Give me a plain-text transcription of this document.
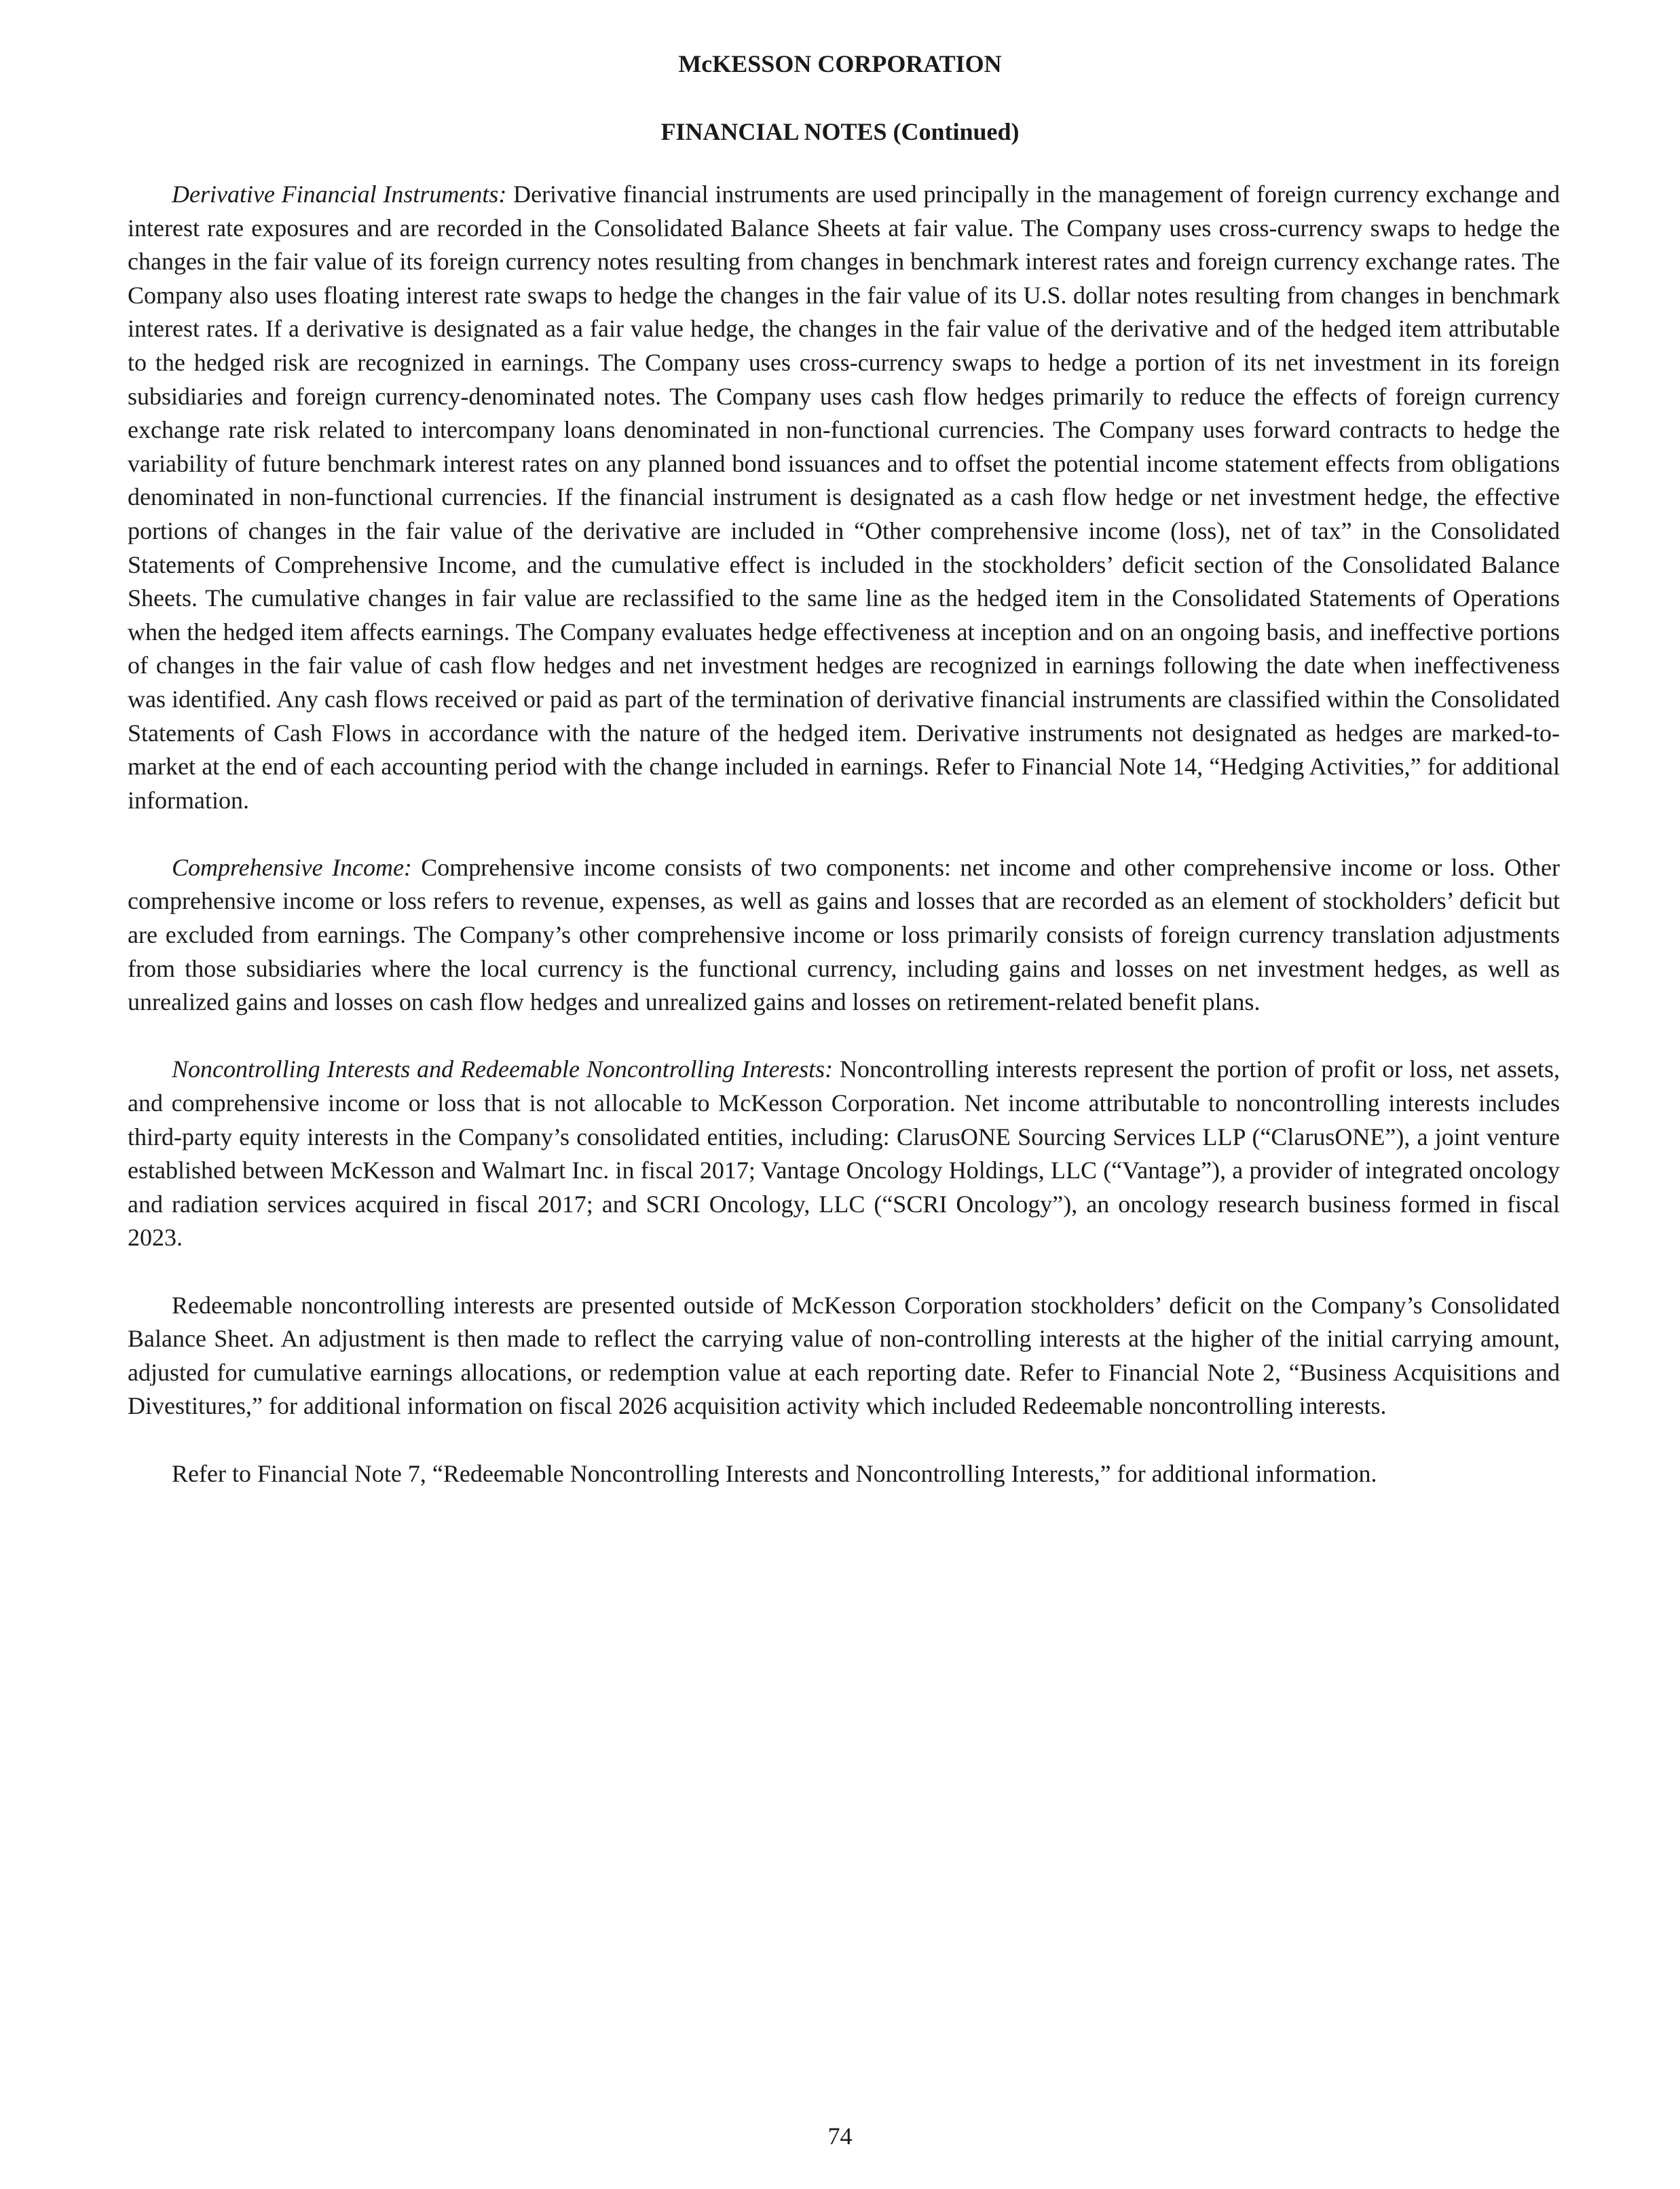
McKESSON CORPORATION
FINANCIAL NOTES (Continued)

Derivative Financial Instruments: Derivative financial instruments are used principally in the management of foreign currency exchange and interest rate exposures and are recorded in the Consolidated Balance Sheets at fair value. The Company uses cross-currency swaps to hedge the changes in the fair value of its foreign currency notes resulting from changes in benchmark interest rates and foreign currency exchange rates. The Company also uses floating interest rate swaps to hedge the changes in the fair value of its U.S. dollar notes resulting from changes in benchmark interest rates. If a derivative is designated as a fair value hedge, the changes in the fair value of the derivative and of the hedged item attributable to the hedged risk are recognized in earnings. The Company uses cross-currency swaps to hedge a portion of its net investment in its foreign subsidiaries and foreign currency-denominated notes. The Company uses cash flow hedges primarily to reduce the effects of foreign currency exchange rate risk related to intercompany loans denominated in non-functional currencies. The Company uses forward contracts to hedge the variability of future benchmark interest rates on any planned bond issuances and to offset the potential income statement effects from obligations denominated in non-functional currencies. If the financial instrument is designated as a cash flow hedge or net investment hedge, the effective portions of changes in the fair value of the derivative are included in “Other comprehensive income (loss), net of tax” in the Consolidated Statements of Comprehensive Income, and the cumulative effect is included in the stockholders’ deficit section of the Consolidated Balance Sheets. The cumulative changes in fair value are reclassified to the same line as the hedged item in the Consolidated Statements of Operations when the hedged item affects earnings. The Company evaluates hedge effectiveness at inception and on an ongoing basis, and ineffective portions of changes in the fair value of cash flow hedges and net investment hedges are recognized in earnings following the date when ineffectiveness was identified. Any cash flows received or paid as part of the termination of derivative financial instruments are classified within the Consolidated Statements of Cash Flows in accordance with the nature of the hedged item. Derivative instruments not designated as hedges are marked-to-market at the end of each accounting period with the change included in earnings. Refer to Financial Note 14, “Hedging Activities,” for additional information.

Comprehensive Income: Comprehensive income consists of two components: net income and other comprehensive income or loss. Other comprehensive income or loss refers to revenue, expenses, as well as gains and losses that are recorded as an element of stockholders’ deficit but are excluded from earnings. The Company’s other comprehensive income or loss primarily consists of foreign currency translation adjustments from those subsidiaries where the local currency is the functional currency, including gains and losses on net investment hedges, as well as unrealized gains and losses on cash flow hedges and unrealized gains and losses on retirement-related benefit plans.

Noncontrolling Interests and Redeemable Noncontrolling Interests: Noncontrolling interests represent the portion of profit or loss, net assets, and comprehensive income or loss that is not allocable to McKesson Corporation. Net income attributable to noncontrolling interests includes third-party equity interests in the Company’s consolidated entities, including: ClarusONE Sourcing Services LLP (“ClarusONE”), a joint venture established between McKesson and Walmart Inc. in fiscal 2017; Vantage Oncology Holdings, LLC (“Vantage”), a provider of integrated oncology and radiation services acquired in fiscal 2017; and SCRI Oncology, LLC (“SCRI Oncology”), an oncology research business formed in fiscal 2023.

Redeemable noncontrolling interests are presented outside of McKesson Corporation stockholders’ deficit on the Company’s Consolidated Balance Sheet. An adjustment is then made to reflect the carrying value of non-controlling interests at the higher of the initial carrying amount, adjusted for cumulative earnings allocations, or redemption value at each reporting date. Refer to Financial Note 2, “Business Acquisitions and Divestitures,” for additional information on fiscal 2026 acquisition activity which included Redeemable noncontrolling interests.

Refer to Financial Note 7, “Redeemable Noncontrolling Interests and Noncontrolling Interests,” for additional information.

74
